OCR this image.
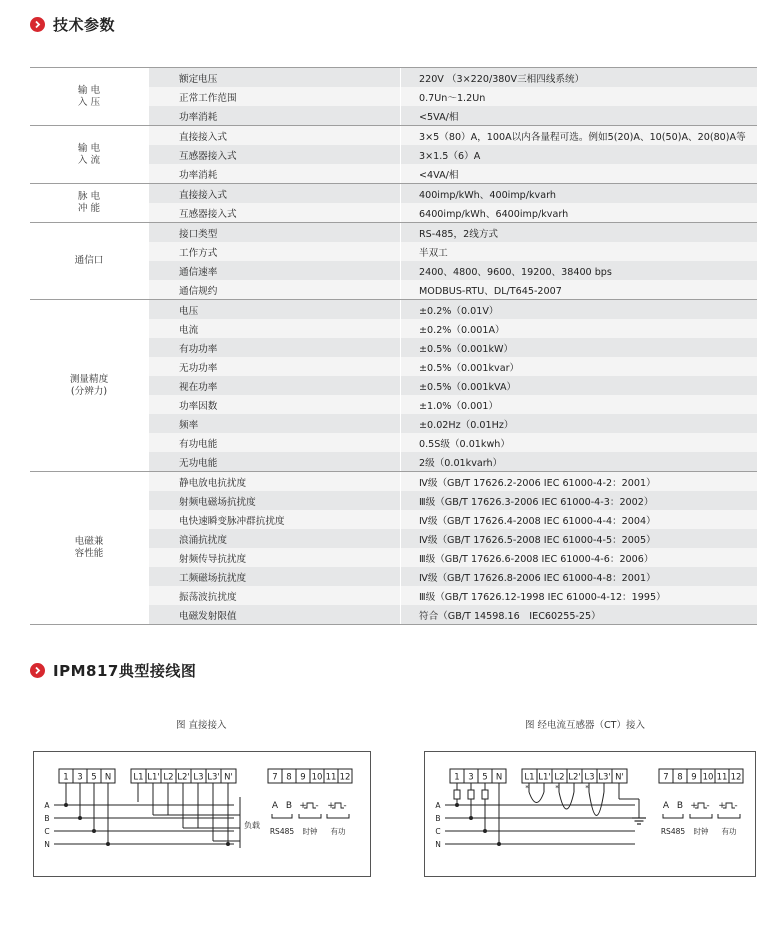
技术参数
输 电
入 压	额定电压	220V （3×220/380V三相四线系统）
	正常工作范围	0.7Un～1.2Un
	功率消耗	<5VA/相
输 电
入 流	直接接入式	3×5（80）A，100A以内各量程可选。例如5(20)A、10(50)A、20(80)A等
	互感器接入式	3×1.5（6）A
	功率消耗	<4VA/相
脉 电
冲 能	直接接入式	400imp/kWh、400imp/kvarh
	互感器接入式	6400imp/kWh、6400imp/kvarh
通信口	接口类型	RS-485，2线方式
	工作方式	半双工
	通信速率	2400、4800、9600、19200、38400 bps
	通信规约	MODBUS-RTU、DL/T645-2007
测量精度
(分辨力)	电压	±0.2%（0.01V）
	电流	±0.2%（0.001A）
	有功功率	±0.5%（0.001kW）
	无功功率	±0.5%（0.001kvar）
	视在功率	±0.5%（0.001kVA）
	功率因数	±1.0%（0.001）
	频率	±0.02Hz（0.01Hz）
	有功电能	0.5S级（0.01kwh）
	无功电能	2级（0.01kvarh）
电磁兼
容性能	静电放电抗扰度	Ⅳ级（GB/T 17626.2-2006 IEC 61000-4-2：2001）
	射频电磁场抗扰度	Ⅲ级（GB/T 17626.3-2006 IEC 61000-4-3：2002）
	电快速瞬变脉冲群抗扰度	Ⅳ级（GB/T 17626.4-2008 IEC 61000-4-4：2004）
	浪涌抗扰度	Ⅳ级（GB/T 17626.5-2008 IEC 61000-4-5：2005）
	射频传导抗扰度	Ⅲ级（GB/T 17626.6-2008 IEC 61000-4-6：2006）
	工频磁场抗扰度	Ⅳ级（GB/T 17626.8-2006 IEC 61000-4-8：2001）
	振荡波抗扰度	Ⅲ级（GB/T 17626.12-1998 IEC 61000-4-12：1995）
	电磁发射限值	符合（GB/T 14598.16　IEC60255-25）
IPM817典型接线图
图 直接接入	图 经电流互感器（CT）接入
A
B
C
N
1 3 5 N	L1 L1' L2 L2' L3 L3' N'	7 8 9 10 11 12
A B + - + -
RS485 时钟 有功
负载
A
B
C
N
1 3 5 N	L1 L1' L2 L2' L3 L3' N'	7 8 9 10 11 12
A B + - + -
RS485 时钟 有功
*	*	*
